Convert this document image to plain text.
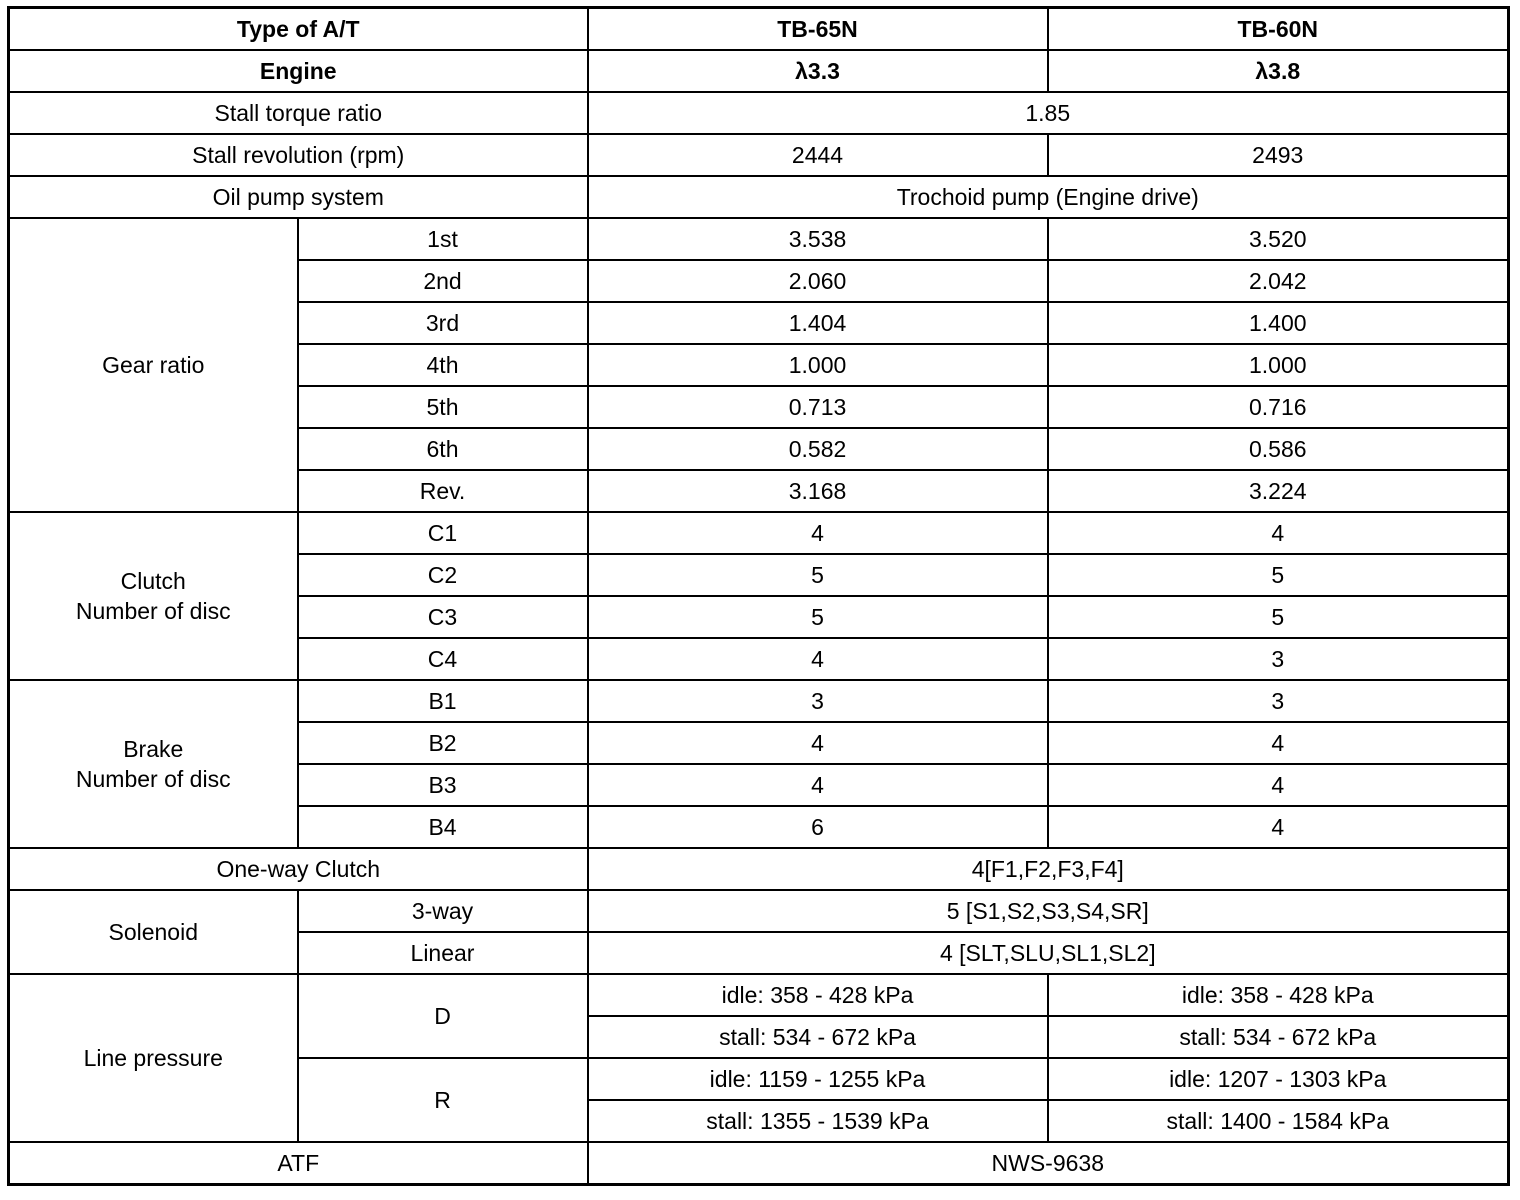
Type of A/T		TB-65N	TB-60N
Engine		λ3.3	λ3.8
Stall torque ratio		1.85	
Stall revolution (rpm)		2444	2493
Oil pump system		Trochoid pump (Engine drive)	
Gear ratio	1st	3.538	3.520
	2nd	2.060	2.042
	3rd	1.404	1.400
	4th	1.000	1.000
	5th	0.713	0.716
	6th	0.582	0.586
	Rev.	3.168	3.224

Clutch
Number of disc	C1	4	4
	C2	5	5
	C3	5	5
	C4	4	3

Brake
Number of disc	B1	3	3
	B2	4	4
	B3	4	4
	B4	6	4
One-way Clutch		4[F1,F2,F3,F4]	
Solenoid	3-way	5 [S1,S2,S3,S4,SR]	
	Linear	4 [SLT,SLU,SL1,SL2]	
Line pressure	D	idle: 358 - 428 kPa	idle: 358 - 428 kPa
		stall: 534 - 672 kPa	stall: 534 - 672 kPa
	R	idle: 1159 - 1255 kPa	idle: 1207 - 1303 kPa
		stall: 1355 - 1539 kPa	stall: 1400 - 1584 kPa
ATF		NWS-9638	
